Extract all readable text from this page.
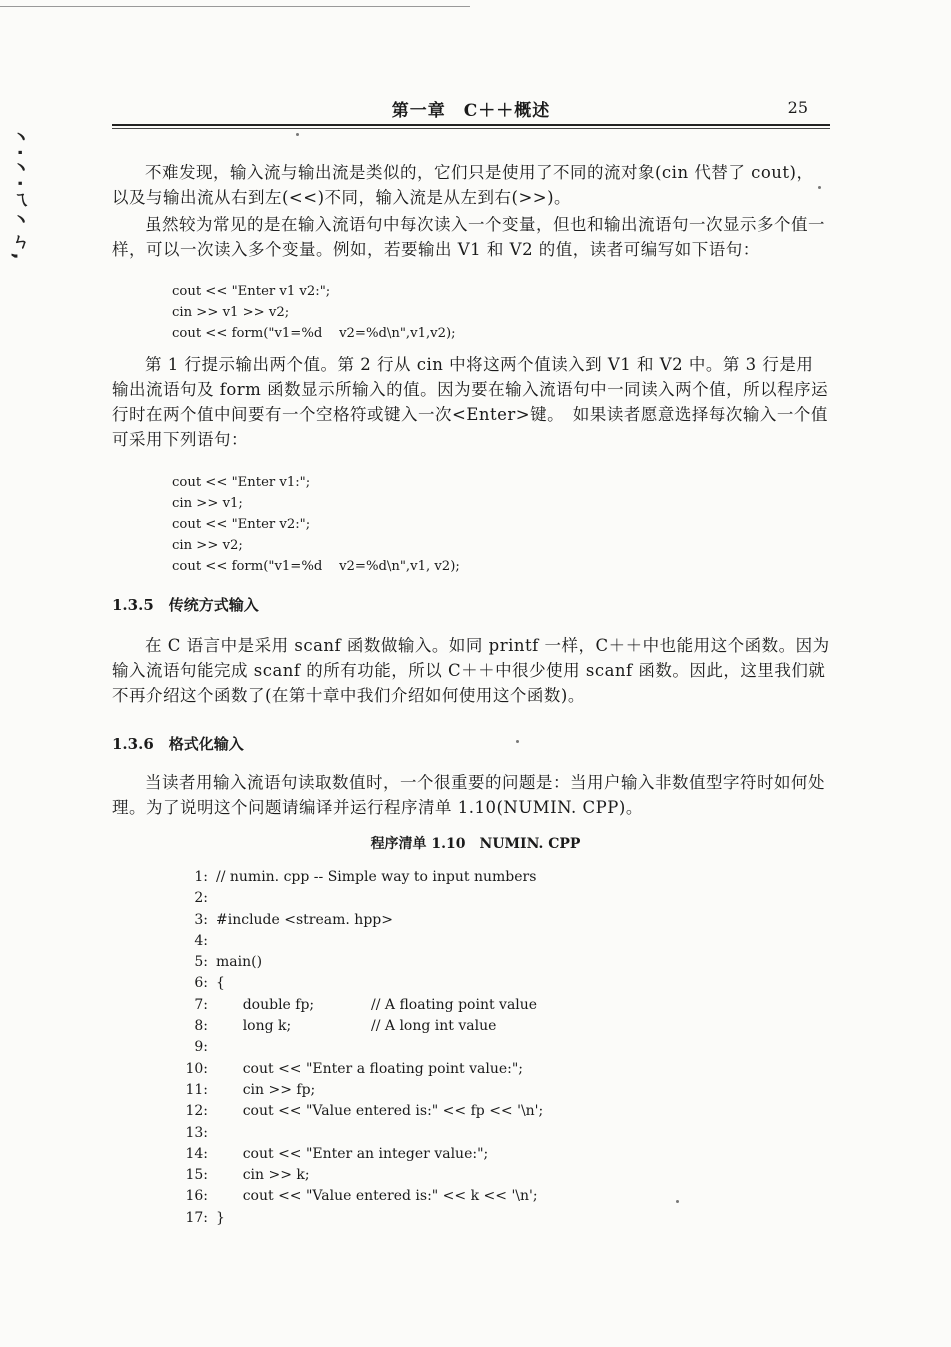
丶·丶·ㄟ丶ㄣ,
第一章　C＋＋概述	25
不难发现，输入流与输出流是类似的，它们只是使用了不同的流对象(cin 代替了 cout)，以及与输出流从右到左(<<)不同，输入流是从左到右(>>)。
虽然较为常见的是在输入流语句中每次读入一个变量，但也和输出流语句一次显示多个值一样，可以一次读入多个变量。例如，若要输出 V1 和 V2 的值，读者可编写如下语句：
cout << "Enter v1 v2:";
cin >> v1 >> v2;
cout << form("v1=%d    v2=%d\n",v1,v2);
第 1 行提示输出两个值。第 2 行从 cin 中将这两个值读入到 V1 和 V2 中。第 3 行是用输出流语句及 form 函数显示所输入的值。因为要在输入流语句中一同读入两个值，所以程序运行时在两个值中间要有一个空格符或键入一次<Enter>键。　如果读者愿意选择每次输入一个值可采用下列语句：
cout << "Enter v1:";
cin >> v1;
cout << "Enter v2:";
cin >> v2;
cout << form("v1=%d    v2=%d\n",v1, v2);
1.3.5　传统方式输入
在 C 语言中是采用 scanf 函数做输入。如同 printf 一样，C＋＋中也能用这个函数。因为输入流语句能完成 scanf 的所有功能，所以 C＋＋中很少使用 scanf 函数。因此，这里我们就不再介绍这个函数了(在第十章中我们介绍如何使用这个函数)。
1.3.6　格式化输入
当读者用输入流语句读取数值时，一个很重要的问题是：当用户输入非数值型字符时如何处理。为了说明这个问题请编译并运行程序清单 1.10(NUMIN. CPP)。
程序清单 1.10　NUMIN. CPP
1: // numin. cpp -- Simple way to input numbers
2:
3: #include <stream. hpp>
4:
5: main()
6: {
7: double fp;	// A floating point value
8: long k;	// A long int value
9:
10: cout << "Enter a floating point value:";
11: cin >> fp;
12: cout << "Value entered is:" << fp << '\n';
13:
14: cout << "Enter an integer value:";
15: cin >> k;
16: cout << "Value entered is:" << k << '\n';
17: }
